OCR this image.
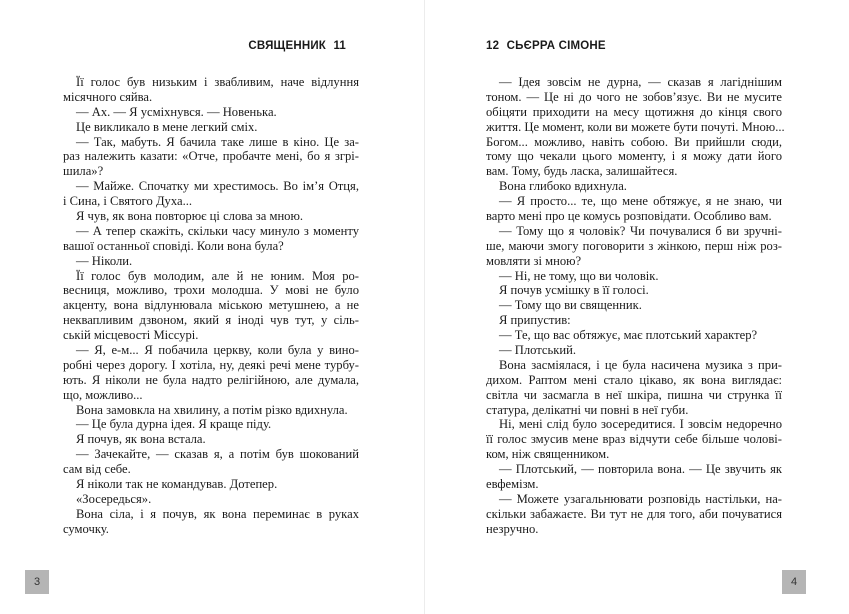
СВЯЩЕННИК 11
Її голос був низьким і звабливим, наче відлуння
місячного сяйва.
— Ах. — Я усміхнувся. — Новенька.
Це викликало в мене легкий сміх.
— Так, мабуть. Я бачила таке лише в кіно. Це за-
раз належить казати: «Отче, пробачте мені, бо я згрі-
шила»?
— Майже. Спочатку ми хрестимось. Во ім’я Отця,
і Сина, і Святого Духа...
Я чув, як вона повторює ці слова за мною.
— А тепер скажіть, скільки часу минуло з моменту
вашої останньої сповіді. Коли вона була?
— Ніколи.
Її голос був молодим, але й не юним. Моя ро-
весниця, можливо, трохи молодша. У мові не було
акценту, вона відлунювала міською метушнею, а не
неквапливим дзвоном, який я іноді чув тут, у сіль-
ській місцевості Міссурі.
— Я, е-м... Я побачила церкву, коли була у вино-
робні через дорогу. І хотіла, ну, деякі речі мене турбу-
ють. Я ніколи не була надто релігійною, але думала,
що, можливо...
Вона замовкла на хвилину, а потім різко вдихнула.
— Це була дурна ідея. Я краще піду.
Я почув, як вона встала.
— Зачекайте, — сказав я, а потім був шокований
сам від себе.
Я ніколи так не командував. Дотепер.
«Зосередься».
Вона сіла, і я почув, як вона переминає в руках
сумочку.
3
12 СЬЄРРА СІМОНЕ
— Ідея зовсім не дурна, — сказав я лагіднішим
тоном. — Це ні до чого не зобов’язує. Ви не мусите
обіцяти приходити на месу щотижня до кінця свого
життя. Це момент, коли ви можете бути почуті. Мною...
Богом... можливо, навіть собою. Ви прийшли сюди,
тому що чекали цього моменту, і я можу дати його
вам. Тому, будь ласка, залишайтеся.
Вона глибоко вдихнула.
— Я просто... те, що мене обтяжує, я не знаю, чи
варто мені про це комусь розповідати. Особливо вам.
— Тому що я чоловік? Чи почувалися б ви зручні-
ше, маючи змогу поговорити з жінкою, перш ніж роз-
мовляти зі мною?
— Ні, не тому, що ви чоловік.
Я почув усмішку в її голосі.
— Тому що ви священник.
Я припустив:
— Те, що вас обтяжує, має плотський характер?
— Плотський.
Вона засміялася, і це була насичена музика з при-
дихом. Раптом мені стало цікаво, як вона виглядає:
світла чи засмагла в неї шкіра, пишна чи струнка її
статура, делікатні чи повні в неї губи.
Ні, мені слід було зосередитися. І зовсім недоречно
її голос змусив мене враз відчути себе більше чолові-
ком, ніж священником.
— Плотський, — повторила вона. — Це звучить як
евфемізм.
— Можете узагальнювати розповідь настільки, на-
скільки забажаєте. Ви тут не для того, аби почуватися
незручно.
4
